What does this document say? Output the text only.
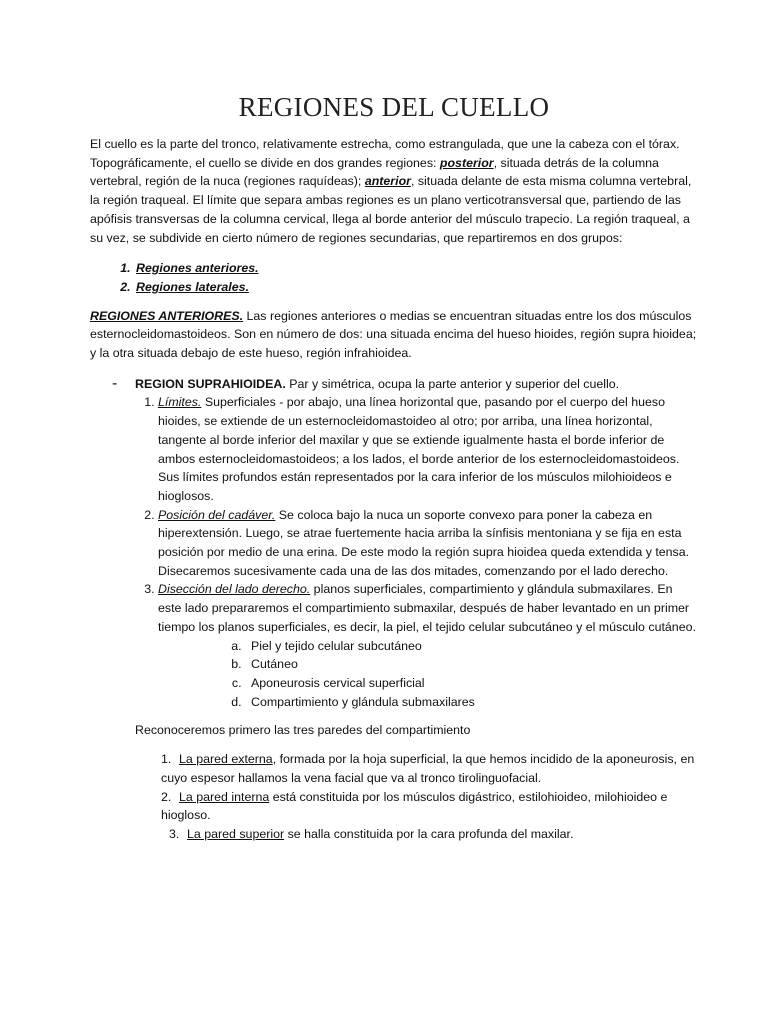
REGIONES DEL CUELLO

El cuello es la parte del tronco, relativamente estrecha, como estrangulada, que une la cabeza con el tórax. Topográficamente, el cuello se divide en dos grandes regiones: posterior, situada detrás de la columna vertebral, región de la nuca (regiones raquídeas); anterior, situada delante de esta misma columna vertebral, la región traqueal. El límite que separa ambas regiones es un plano verticotransversal que, partiendo de las apófisis transversas de la columna cervical, llega al borde anterior del músculo trapecio. La región traqueal, a su vez, se subdivide en cierto número de regiones secundarias, que repartiremos en dos grupos:

1. Regiones anteriores.
2. Regiones laterales.

REGIONES ANTERIORES. Las regiones anteriores o medias se encuentran situadas entre los dos músculos esternocleidomastoideos. Son en número de dos: una situada encima del hueso hioides, región supra hioidea; y la otra situada debajo de este hueso, región infrahioidea.

- REGION SUPRAHIOIDEA. Par y simétrica, ocupa la parte anterior y superior del cuello.

1. Límites. Superficiales - por abajo, una línea horizontal que, pasando por el cuerpo del hueso hioides, se extiende de un esternocleidomastoideo al otro; por arriba, una línea horizontal, tangente al borde inferior del maxilar y que se extiende igualmente hasta el borde inferior de ambos esternocleidomastoideos; a los lados, el borde anterior de los esternocleidomastoideos. Sus límites profundos están representados por la cara inferior de los músculos milohioideos e hioglosos.
2. Posición del cadáver. Se coloca bajo la nuca un soporte convexo para poner la cabeza en hiperextensión. Luego, se atrae fuertemente hacia arriba la sínfisis mentoniana y se fija en esta posición por medio de una erina. De este modo la región supra hioidea queda extendida y tensa. Disecaremos sucesivamente cada una de las dos mitades, comenzando por el lado derecho.
3. Disección del lado derecho. planos superficiales, compartimiento y glándula submaxilares. En este lado prepararemos el compartimiento submaxilar, después de haber levantado en un primer tiempo los planos superficiales, es decir, la piel, el tejido celular subcutáneo y el músculo cutáneo.
a. Piel y tejido celular subcutáneo
b. Cutáneo
c. Aponeurosis cervical superficial
d. Compartimiento y glándula submaxilares

Reconoceremos primero las tres paredes del compartimiento

1. La pared externa, formada por la hoja superficial, la que hemos incidido de la aponeurosis, en cuyo espesor hallamos la vena facial que va al tronco tirolinguofacial.

2. La pared interna está constituida por los músculos digástrico, estilohioideo, milohioideo e hiogloso.

3. La pared superior se halla constituida por la cara profunda del maxilar.
